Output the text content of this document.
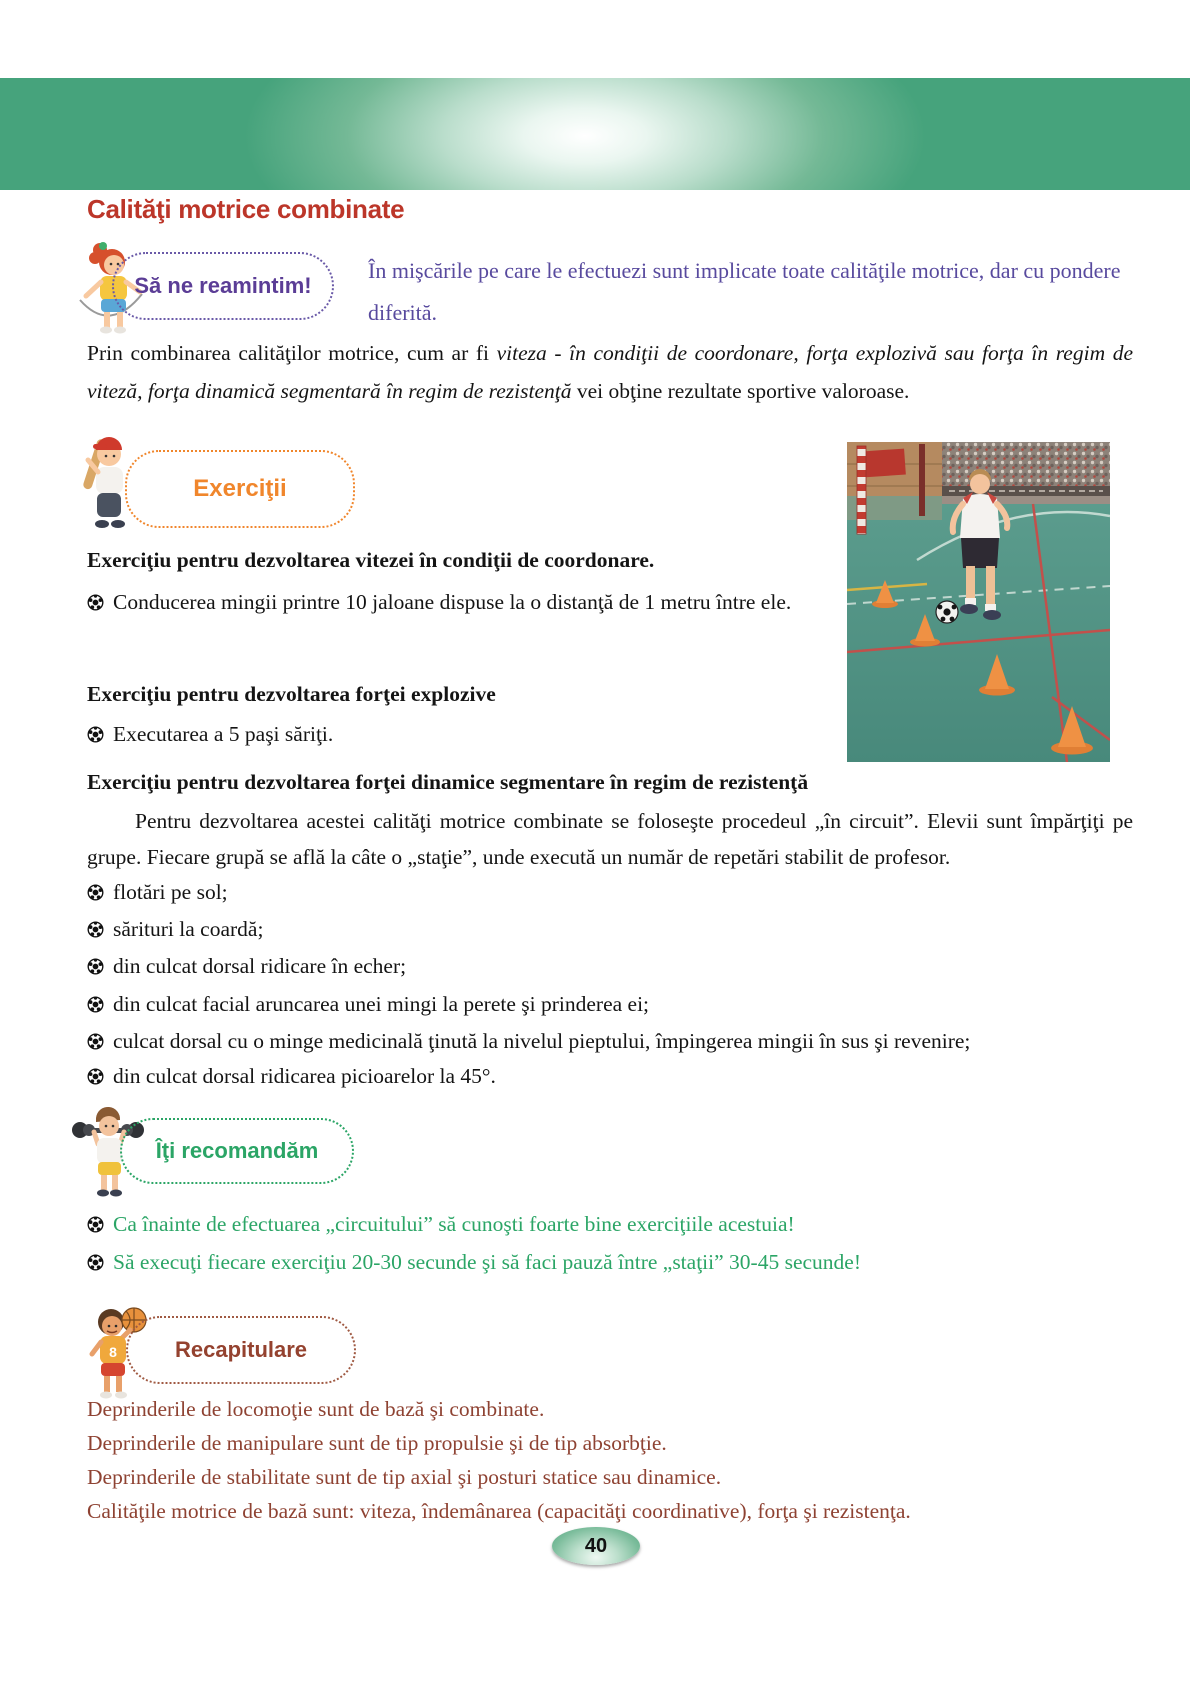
Calităţi motrice combinate
Să ne reamintim!
În mişcările pe care le efectuezi sunt implicate toate calităţile motrice, dar cu pondere diferită.

Prin combinarea calităţilor motrice, cum ar fi viteza - în condiţii de coordonare, forţa explozivă sau forţa în regim de viteză, forţa dinamică segmentară în regim de rezistenţă vei obţine rezultate sportive valoroase.

Exerciţii
Exerciţiu pentru dezvoltarea vitezei în condiţii de coordonare.

Conducerea mingii printre 10 jaloane dispuse la o distanţă de 1 metru între ele.

Exerciţiu pentru dezvoltarea forţei explozive

Executarea a 5 paşi săriţi.

Exerciţiu pentru dezvoltarea forţei dinamice segmentare în regim de rezistenţă

Pentru dezvoltarea acestei calităţi motrice combinate se foloseşte procedeul „în circuit”. Elevii sunt împărţiţi pe grupe. Fiecare grupă se află la câte o „staţie”, unde execută un număr de repetări stabilit de profesor.

flotări pe sol;

sărituri la coardă;

din culcat dorsal ridicare în echer;

din culcat facial aruncarea unei mingi la perete şi prinderea ei;

culcat dorsal cu o minge medicinală ţinută la nivelul pieptului, împingerea mingii în sus şi revenire;

din culcat dorsal ridicarea picioarelor la 45°.

Îţi recomandăm

Ca înainte de efectuarea „circuitului” să cunoşti foarte bine exerciţiile acestuia!

Să execuţi fiecare exerciţiu 20-30 secunde şi să faci pauză între „staţii” 30-45 secunde!

8	Recapitulare

Deprinderile de locomoţie sunt de bază şi combinate.

Deprinderile de manipulare sunt de tip propulsie şi de tip absorbţie.

Deprinderile de stabilitate sunt de tip axial şi posturi statice sau dinamice.

Calităţile motrice de bază sunt: viteza, îndemânarea (capacităţi coordinative), forţa şi rezistenţa.

40
